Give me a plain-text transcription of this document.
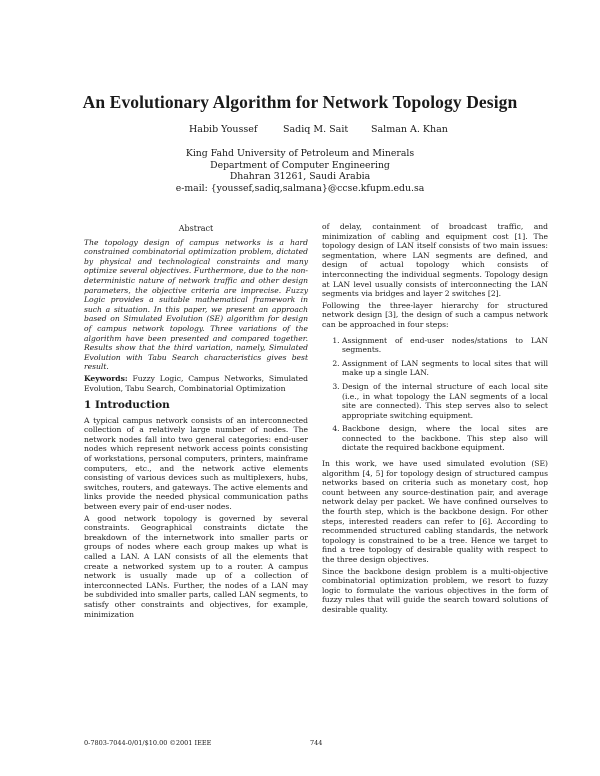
An Evolutionary Algorithm for Network Topology Design
Habib Youssef	Sadiq M. Sait Salman A. Khan
King Fahd University of Petroleum and Minerals
Department of Computer Engineering
Dhahran 31261, Saudi Arabia
e-mail: {youssef,sadiq,salmana}@ccse.kfupm.edu.sa
Abstract

The topology design of campus networks is a hard constrained combinatorial optimization problem, dictated by physical and technological constraints and many optimize several objectives. Furthermore, due to the non-deterministic nature of network traffic and other design parameters, the objective criteria are imprecise. Fuzzy Logic provides a suitable mathematical framework in such a situation. In this paper, we present an approach based on Simulated Evolution (SE) algorithm for design of campus network topology. Three variations of the algorithm have been presented and compared together. Results show that the third variation, namely, Simulated Evolution with Tabu Search characteristics gives best result.

Keywords: Fuzzy Logic, Campus Networks, Simulated Evolution, Tabu Search, Combinatorial Optimization

1 Introduction

A typical campus network consists of an interconnected collection of a relatively large number of nodes. The network nodes fall into two general categories: end-user nodes which represent network access points consisting of workstations, personal computers, printers, mainframe computers, etc., and the network active elements consisting of various devices such as multiplexers, hubs, switches, routers, and gateways. The active elements and links provide the needed physical communication paths between every pair of end-user nodes.

A good network topology is governed by several constraints. Geographical constraints dictate the breakdown of the internetwork into smaller parts or groups of nodes where each group makes up what is called a LAN. A LAN consists of all the elements that create a networked system up to a router. A campus network is usually made up of a collection of interconnected LANs. Further, the nodes of a LAN may be subdivided into smaller parts, called LAN segments, to satisfy other constraints and objectives, for example, minimization

of delay, containment of broadcast traffic, and minimization of cabling and equipment cost [1]. The topology design of LAN itself consists of two main issues: segmentation, where LAN segments are defined, and design of actual topology which consists of interconnecting the individual segments. Topology design at LAN level usually consists of interconnecting the LAN segments via bridges and layer 2 switches [2].

Following the three-layer hierarchy for structured network design [3], the design of such a campus network can be approached in four steps:

1. Assignment of end-user nodes/stations to LAN segments.
2. Assignment of LAN segments to local sites that will make up a single LAN.
3. Design of the internal structure of each local site (i.e., in what topology the LAN segments of a local site are connected). This step serves also to select appropriate switching equipment.
4. Backbone design, where the local sites are connected to the backbone. This step also will dictate the required backbone equipment.

In this work, we have used simulated evolution (SE) algorithm [4, 5] for topology design of structured campus networks based on criteria such as monetary cost, hop count between any source-destination pair, and average network delay per packet. We have confined ourselves to the fourth step, which is the backbone design. For other steps, interested readers can refer to [6]. According to recommended structured cabling standards, the network topology is constrained to be a tree. Hence we target to find a tree topology of desirable quality with respect to the three design objectives.

Since the backbone design problem is a multi-objective combinatorial optimization problem, we resort to fuzzy logic to formulate the various objectives in the form of fuzzy rules that will guide the search toward solutions of desirable quality.

0-7803-7044-0/01/$10.00 ©2001 IEEE	744
